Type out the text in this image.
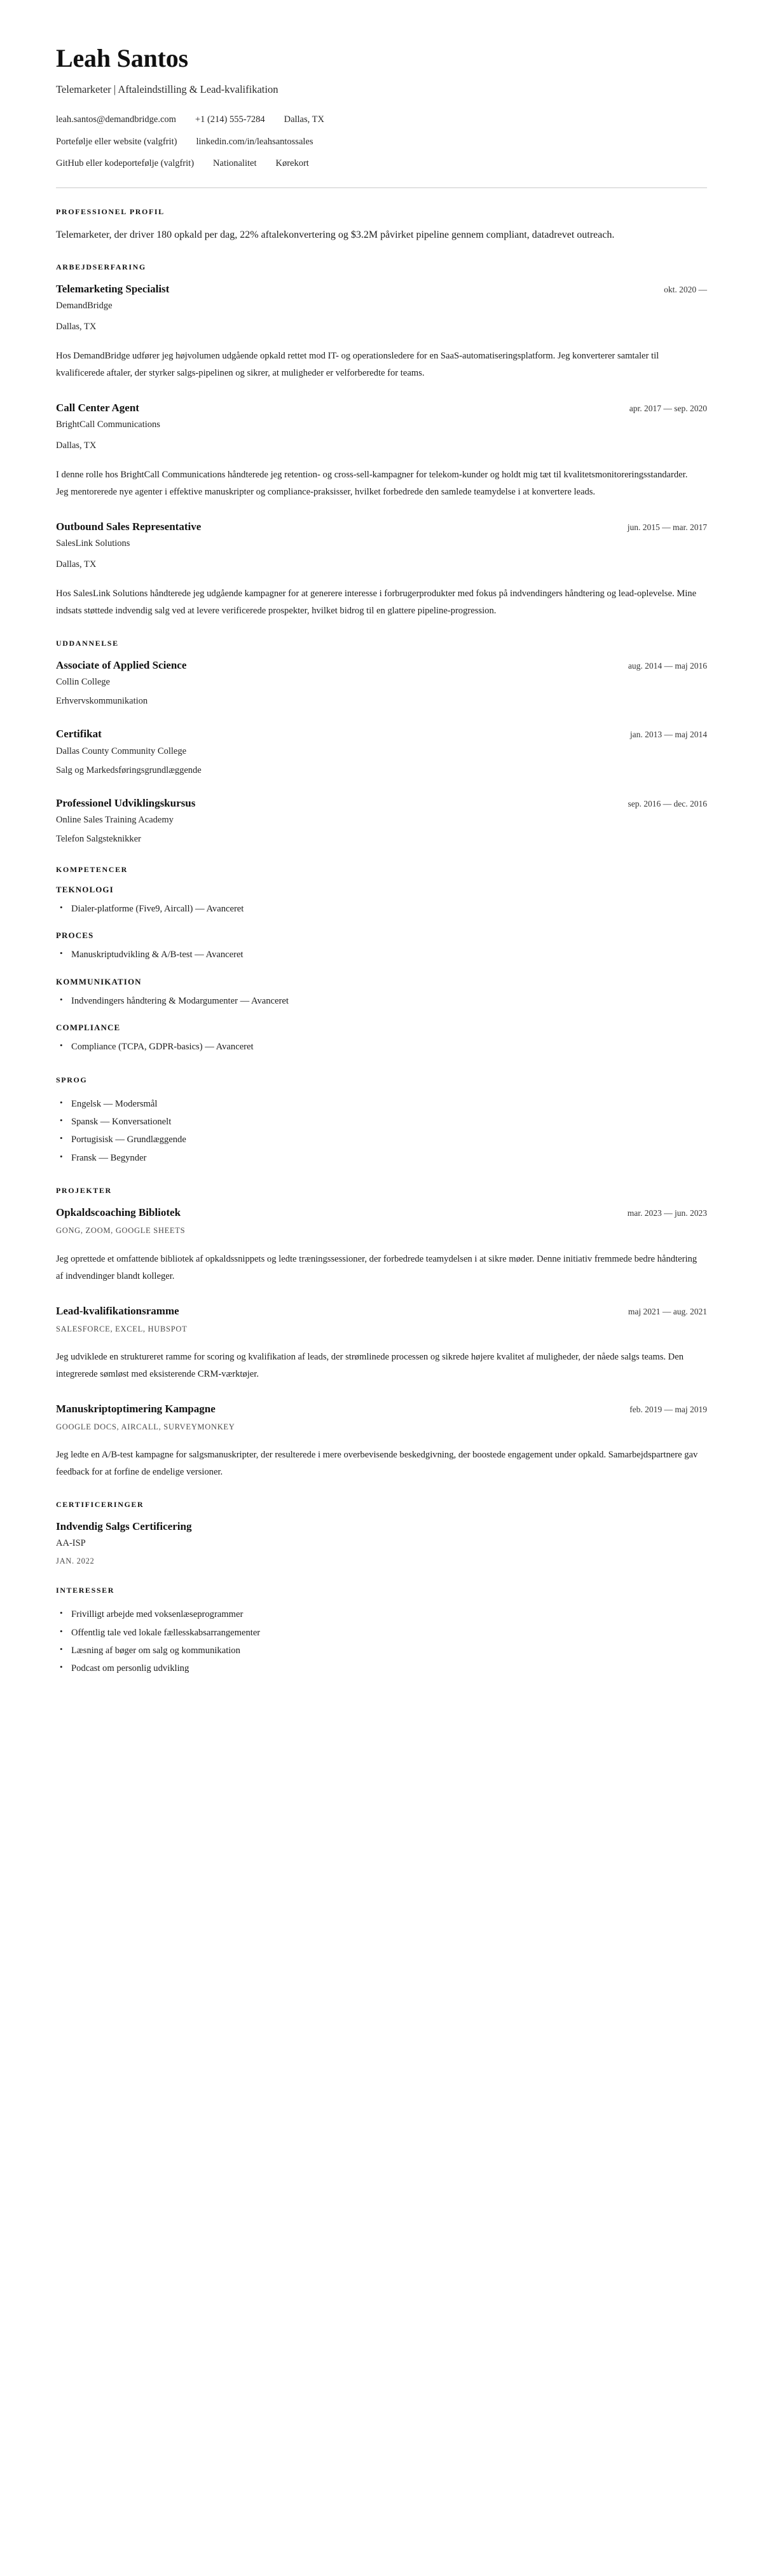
Leah Santos

Telemarketer | Aftaleindstilling & Lead-kvalifikation

leah.santos@demandbridge.com +1 (214) 555-7284 Dallas, TX
Portefølje eller website (valgfrit) linkedin.com/in/leahsantossales
GitHub eller kodeportefølje (valgfrit) Nationalitet Kørekort
PROFESSIONEL PROFIL

Telemarketer, der driver 180 opkald per dag, 22% aftalekonvertering og $3.2M påvirket pipeline gennem compliant, datadrevet outreach.

ARBEJDSERFARING
Telemarketing Specialist	okt. 2020 —

DemandBridge

Dallas, TX

Hos DemandBridge udfører jeg højvolumen udgående opkald rettet mod IT- og operationsledere for en SaaS-automatiseringsplatform. Jeg konverterer samtaler til kvalificerede aftaler, der styrker salgs-pipelinen og sikrer, at muligheder er velforberedte for teams.

Call Center Agent	apr. 2017 — sep. 2020

BrightCall Communications

Dallas, TX

I denne rolle hos BrightCall Communications håndterede jeg retention- og cross-sell-kampagner for telekom-kunder og holdt mig tæt til kvalitetsmonitoreringsstandarder. Jeg mentorerede nye agenter i effektive manuskripter og compliance-praksisser, hvilket forbedrede den samlede teamydelse i at konvertere leads.

Outbound Sales Representative	jun. 2015 — mar. 2017

SalesLink Solutions

Dallas, TX

Hos SalesLink Solutions håndterede jeg udgående kampagner for at generere interesse i forbrugerprodukter med fokus på indvendingers håndtering og lead-oplevelse. Mine indsats støttede indvendig salg ved at levere verificerede prospekter, hvilket bidrog til en glattere pipeline-progression.

UDDANNELSE
Associate of Applied Science	aug. 2014 — maj 2016

Collin College

Erhvervskommunikation

Certifikat	jan. 2013 — maj 2014

Dallas County Community College

Salg og Markedsføringsgrundlæggende

Professionel Udviklingskursus	sep. 2016 — dec. 2016

Online Sales Training Academy

Telefon Salgsteknikker

KOMPETENCER
TEKNOLOGI
• Dialer-platforme (Five9, Aircall) — Avanceret
PROCES
• Manuskriptudvikling & A/B-test — Avanceret
KOMMUNIKATION
• Indvendingers håndtering & Modargumenter — Avanceret
COMPLIANCE
• Compliance (TCPA, GDPR-basics) — Avanceret
SPROG
• Engelsk — Modersmål
• Spansk — Konversationelt
• Portugisisk — Grundlæggende
• Fransk — Begynder
PROJEKTER
Opkaldscoaching Bibliotek	mar. 2023 — jun. 2023

GONG, ZOOM, GOOGLE SHEETS

Jeg oprettede et omfattende bibliotek af opkaldssnippets og ledte træningssessioner, der forbedrede teamydelsen i at sikre møder. Denne initiativ fremmede bedre håndtering af indvendinger blandt kolleger.

Lead-kvalifikationsramme	maj 2021 — aug. 2021

SALESFORCE, EXCEL, HUBSPOT

Jeg udviklede en struktureret ramme for scoring og kvalifikation af leads, der strømlinede processen og sikrede højere kvalitet af muligheder, der nåede salgs teams. Den integrerede sømløst med eksisterende CRM-værktøjer.

Manuskriptoptimering Kampagne	feb. 2019 — maj 2019

GOOGLE DOCS, AIRCALL, SURVEYMONKEY

Jeg ledte en A/B-test kampagne for salgsmanuskripter, der resulterede i mere overbevisende beskedgivning, der boostede engagement under opkald. Samarbejdspartnere gav feedback for at forfine de endelige versioner.

CERTIFICERINGER
Indvendig Salgs Certificering

AA-ISP

JAN. 2022

INTERESSER
• Frivilligt arbejde med voksenlæseprogrammer
• Offentlig tale ved lokale fællesskabsarrangementer
• Læsning af bøger om salg og kommunikation
• Podcast om personlig udvikling
